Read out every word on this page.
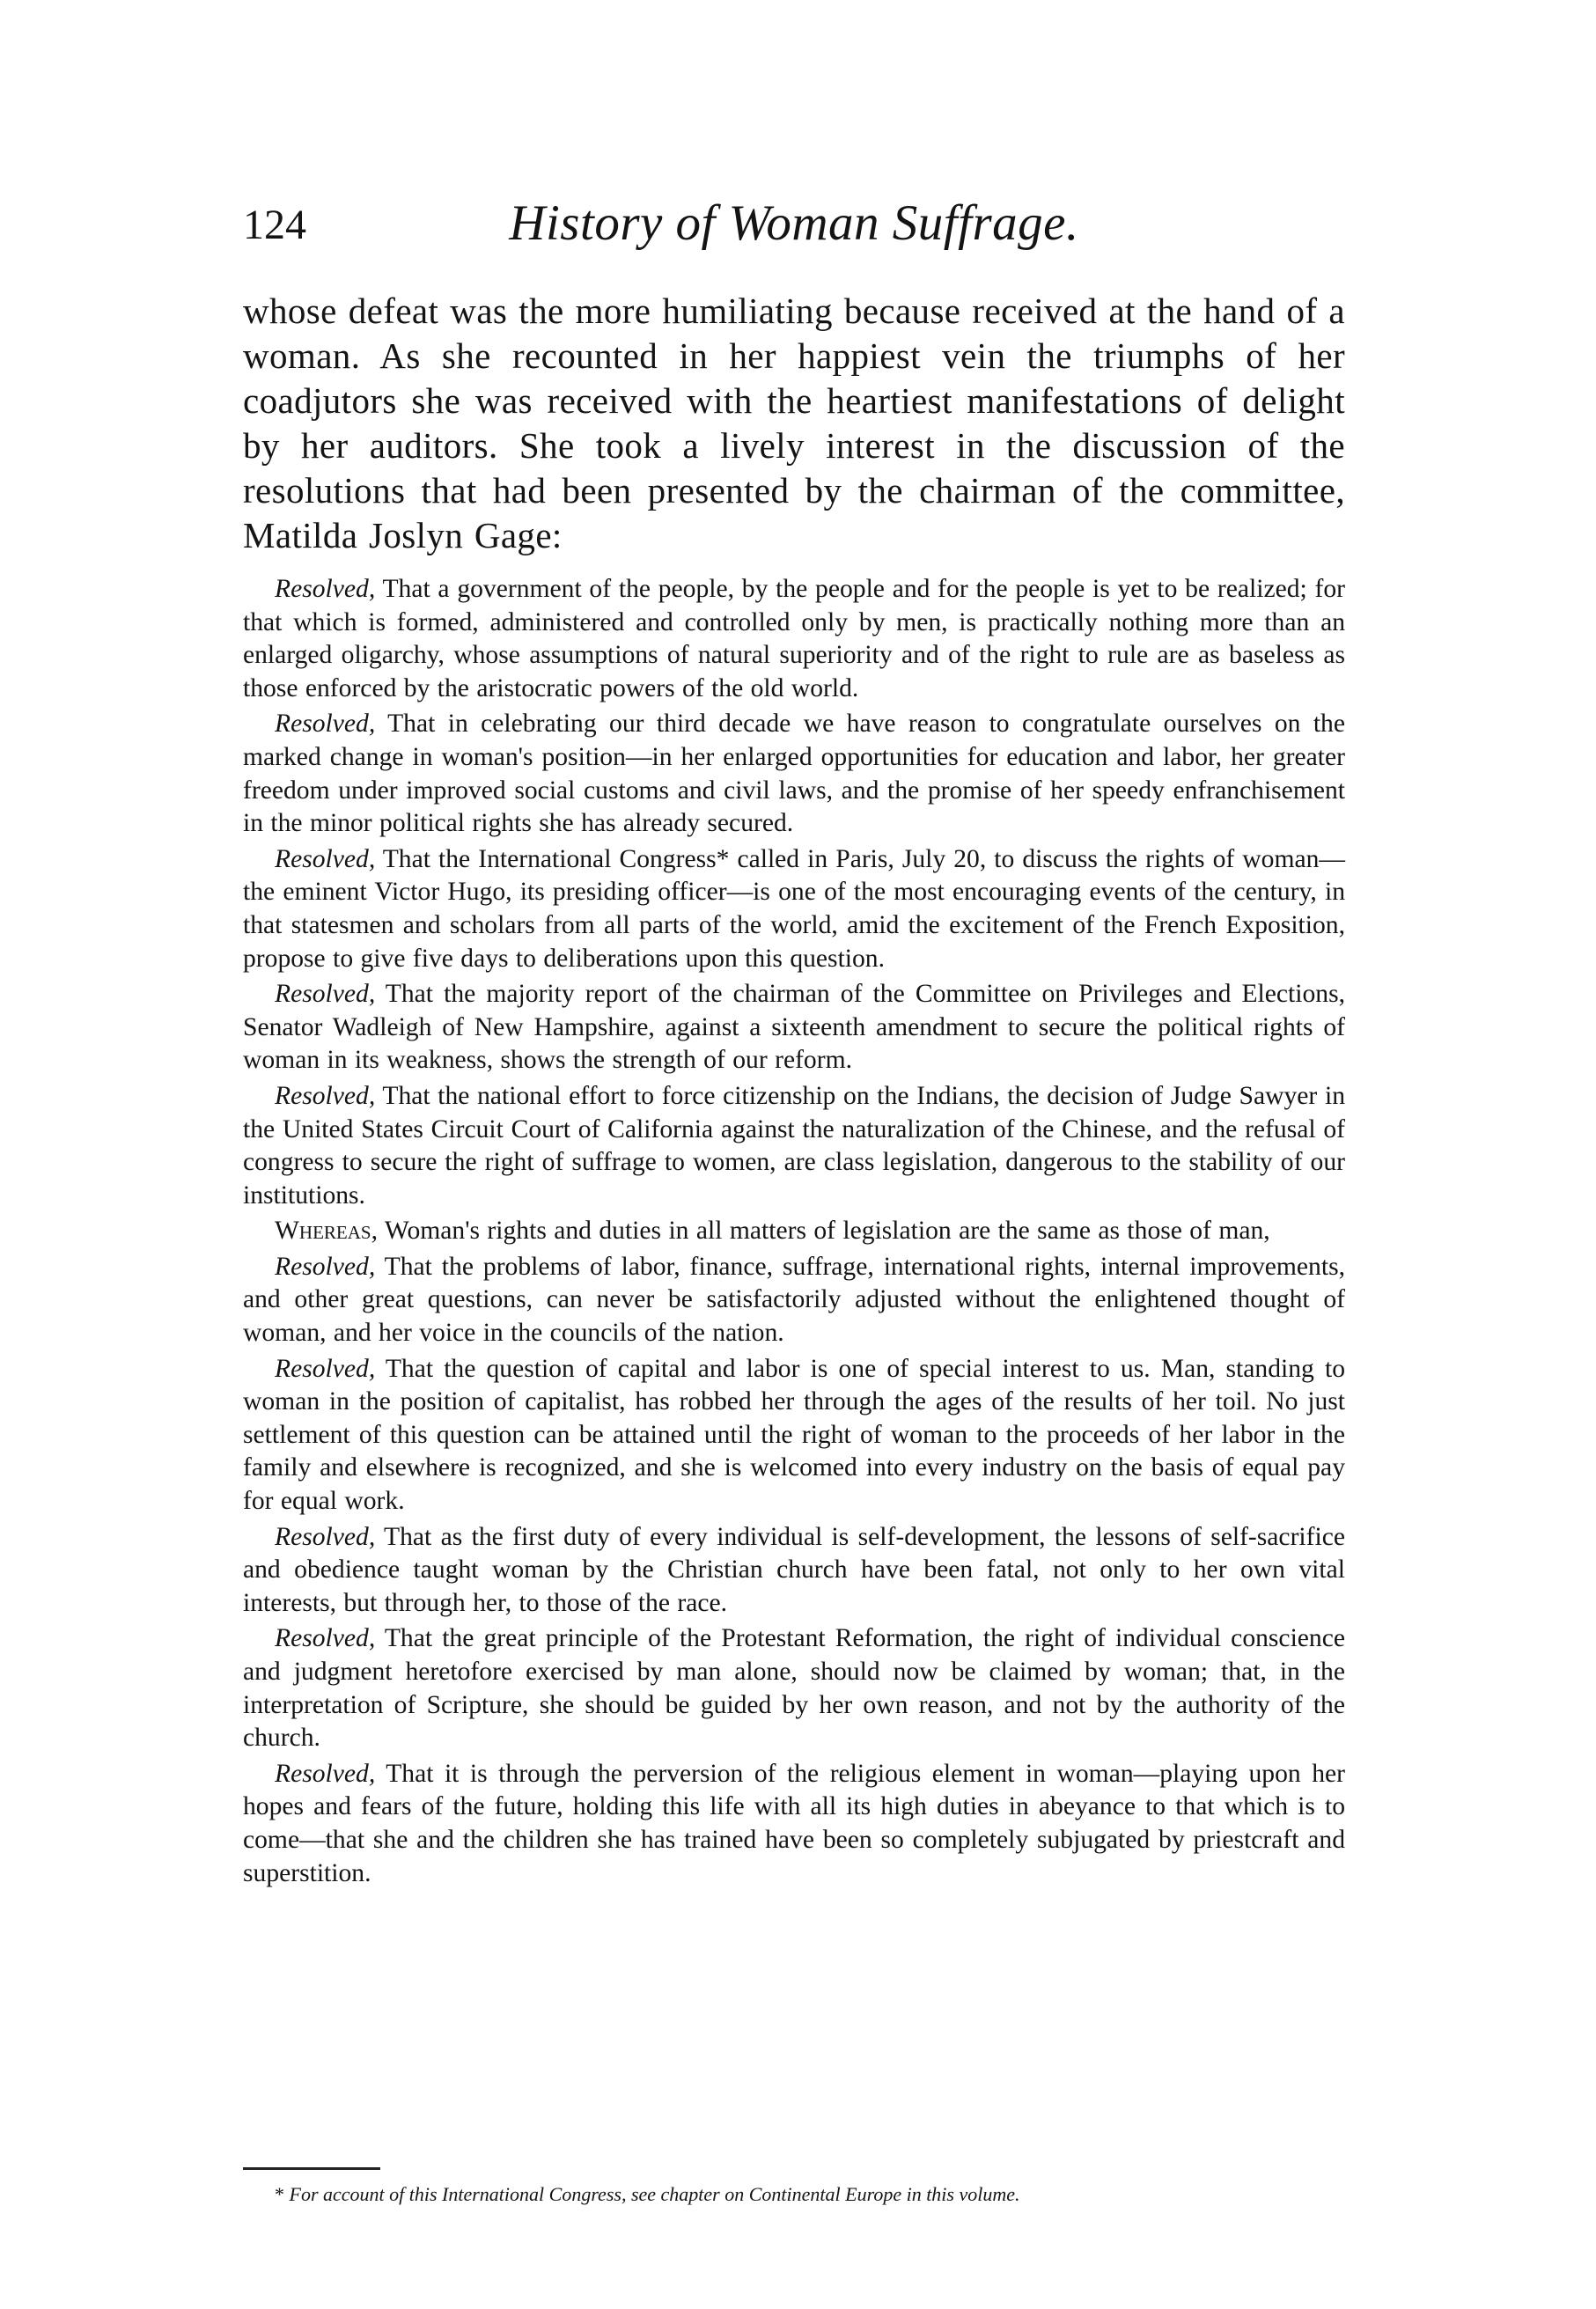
124	History of Woman Suffrage.

whose defeat was the more humiliating because received at the hand of a woman. As she recounted in her happiest vein the triumphs of her coadjutors she was received with the heartiest manifestations of delight by her auditors. She took a lively interest in the discussion of the resolutions that had been presented by the chairman of the committee, Matilda Joslyn Gage:

Resolved, That a government of the people, by the people and for the people is yet to be realized; for that which is formed, administered and controlled only by men, is practically nothing more than an enlarged oligarchy, whose assumptions of natural superiority and of the right to rule are as baseless as those enforced by the aristocratic powers of the old world.

Resolved, That in celebrating our third decade we have reason to congratulate ourselves on the marked change in woman's position—in her enlarged opportunities for education and labor, her greater freedom under improved social customs and civil laws, and the promise of her speedy enfranchisement in the minor political rights she has already secured.

Resolved, That the International Congress* called in Paris, July 20, to discuss the rights of woman—the eminent Victor Hugo, its presiding officer—is one of the most encouraging events of the century, in that statesmen and scholars from all parts of the world, amid the excitement of the French Exposition, propose to give five days to deliberations upon this question.

Resolved, That the majority report of the chairman of the Committee on Privileges and Elections, Senator Wadleigh of New Hampshire, against a sixteenth amendment to secure the political rights of woman in its weakness, shows the strength of our reform.

Resolved, That the national effort to force citizenship on the Indians, the decision of Judge Sawyer in the United States Circuit Court of California against the naturalization of the Chinese, and the refusal of congress to secure the right of suffrage to women, are class legislation, dangerous to the stability of our institutions.

Whereas, Woman's rights and duties in all matters of legislation are the same as those of man,

Resolved, That the problems of labor, finance, suffrage, international rights, internal improvements, and other great questions, can never be satisfactorily adjusted without the enlightened thought of woman, and her voice in the councils of the nation.

Resolved, That the question of capital and labor is one of special interest to us. Man, standing to woman in the position of capitalist, has robbed her through the ages of the results of her toil. No just settlement of this question can be attained until the right of woman to the proceeds of her labor in the family and elsewhere is recognized, and she is welcomed into every industry on the basis of equal pay for equal work.

Resolved, That as the first duty of every individual is self-development, the lessons of self-sacrifice and obedience taught woman by the Christian church have been fatal, not only to her own vital interests, but through her, to those of the race.

Resolved, That the great principle of the Protestant Reformation, the right of individual conscience and judgment heretofore exercised by man alone, should now be claimed by woman; that, in the interpretation of Scripture, she should be guided by her own reason, and not by the authority of the church.

Resolved, That it is through the perversion of the religious element in woman—playing upon her hopes and fears of the future, holding this life with all its high duties in abeyance to that which is to come—that she and the children she has trained have been so completely subjugated by priestcraft and superstition.

* For account of this International Congress, see chapter on Continental Europe in this volume.
